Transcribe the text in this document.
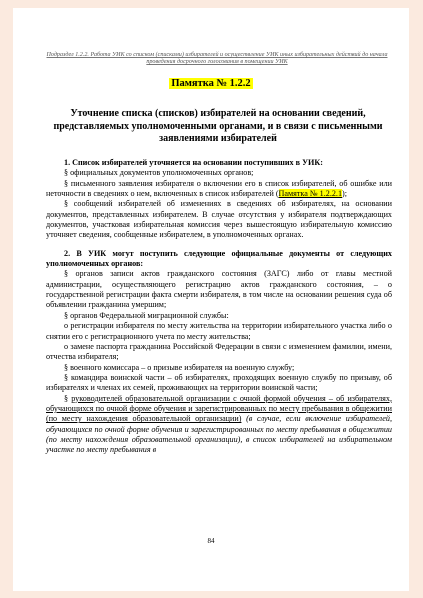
Подраздел 1.2.2. Работа УИК со списком (списками) избирателей и осуществление УИК иных избирательных действий до начала проведения досрочного голосования в помещении УИК
Памятка № 1.2.2
Уточнение списка (списков) избирателей на основании сведений, представляемых уполномоченными органами, и в связи с письменными заявлениями избирателей

1. Список избирателей уточняется на основании поступивших в УИК:

§ официальных документов уполномоченных органов;

§ письменного заявления избирателя о включении его в список избирателей, об ошибке или неточности в сведениях о нем, включенных в список избирателей (Памятка № 1.2.2.1);

§ сообщений избирателей об изменениях в сведениях об избирателях, на основании документов, представленных избирателем. В случае отсутствия у избирателя подтверждающих документов, участковая избирательная комиссия через вышестоящую избирательную комиссию уточняет сведения, сообщенные избирателем, в уполномоченных органах.

2. В УИК могут поступить следующие официальные документы от следующих уполномоченных органов:

§ органов записи актов гражданского состояния (ЗАГС) либо от главы местной администрации, осуществляющего регистрацию актов гражданского состояния, – о государственной регистрации факта смерти избирателя, в том числе на основании решения суда об объявлении гражданина умершим;

§ органов Федеральной миграционной службы:

о регистрации избирателя по месту жительства на территории избирательного участка либо о снятии его с регистрационного учета по месту жительства;

о замене паспорта гражданина Российской Федерации в связи с изменением фамилии, имени, отчества избирателя;

§ военного комиссара – о призыве избирателя на военную службу;

§ командира воинской части – об избирателях, проходящих военную службу по призыву, об избирателях и членах их семей, проживающих на территории воинской части;

§ руководителей образовательной организации с очной формой обучения – об избирателях, обучающихся по очной форме обучения и зарегистрированных по месту пребывания в общежитии (по месту нахождения образовательной организации) (в случае, если включение избирателей, обучающихся по очной форме обучения и зарегистрированных по месту пребывания в общежитии (по месту нахождения образовательной организации), в список избирателей на избирательном участке по месту пребывания в

84
